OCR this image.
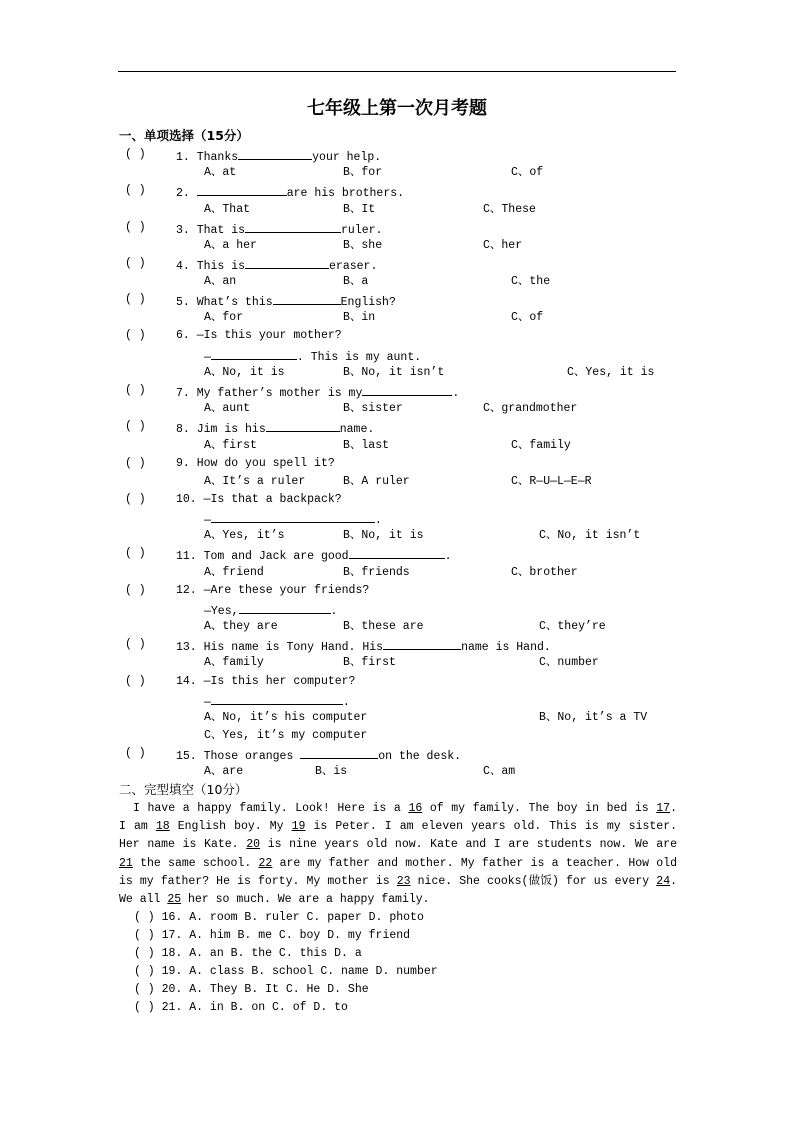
七年级上第一次月考题
一、单项选择（15分）
( )	1. Thanks	your help.
A、at	B、for	C、of
( )	2.	are his brothers.
A、That	B、It	C、These
( )	3. That is	ruler.
A、a her	B、she	C、her
( )	4. This is	eraser.
A、an	B、a	C、the
( )	5. What’s this	English?
A、for	B、in	C、of
( )	6. —Is this your mother?
—	. This is my aunt.
A、No, it is	B、No, it isn’t	C、Yes, it is
( )	7. My father’s mother is my	.
A、aunt	B、sister	C、grandmother
( )	8. Jim is his	name.
A、first	B、last	C、family
( )	9. How do you spell it?
A、It’s a ruler	B、A ruler	C、R—U—L—E—R
( )	10. —Is that a backpack?
—	.
A、Yes, it’s	B、No, it is	C、No, it isn’t
( )	11. Tom and Jack are good	.
A、friend	B、friends	C、brother
( )	12. —Are these your friends?
—Yes,	.
A、they are	B、these are	C、they’re
( )	13. His name is Tony Hand. His	name is Hand.
A、family	B、first	C、number
( )	14. —Is this her computer?
—	.
A、No, it’s his computer	B、No, it’s a TV
C、Yes, it’s my computer
( )	15. Those oranges	on the desk.
A、are	B、is	C、am
二、完型填空（10分）
I have a happy family. Look! Here is a 16 of my family. The boy in bed is 17. I am 18 English boy. My 19 is Peter. I am eleven years old. This is my sister. Her name is Kate. 20 is nine years old now. Kate and I are students now. We are 21 the same school. 22 are my father and mother. My father is a teacher. How old is my father? He is forty. My mother is 23 nice. She cooks(做饭) for us every 24. We all 25 her so much. We are a happy family.
( ) 16. A. room B. ruler C. paper D. photo
( ) 17. A. him B. me C. boy D. my friend
( ) 18. A. an B. the C. this D. a
( ) 19. A. class B. school C. name D. number
( ) 20. A. They B. It C. He D. She
( ) 21. A. in B. on C. of D. to
